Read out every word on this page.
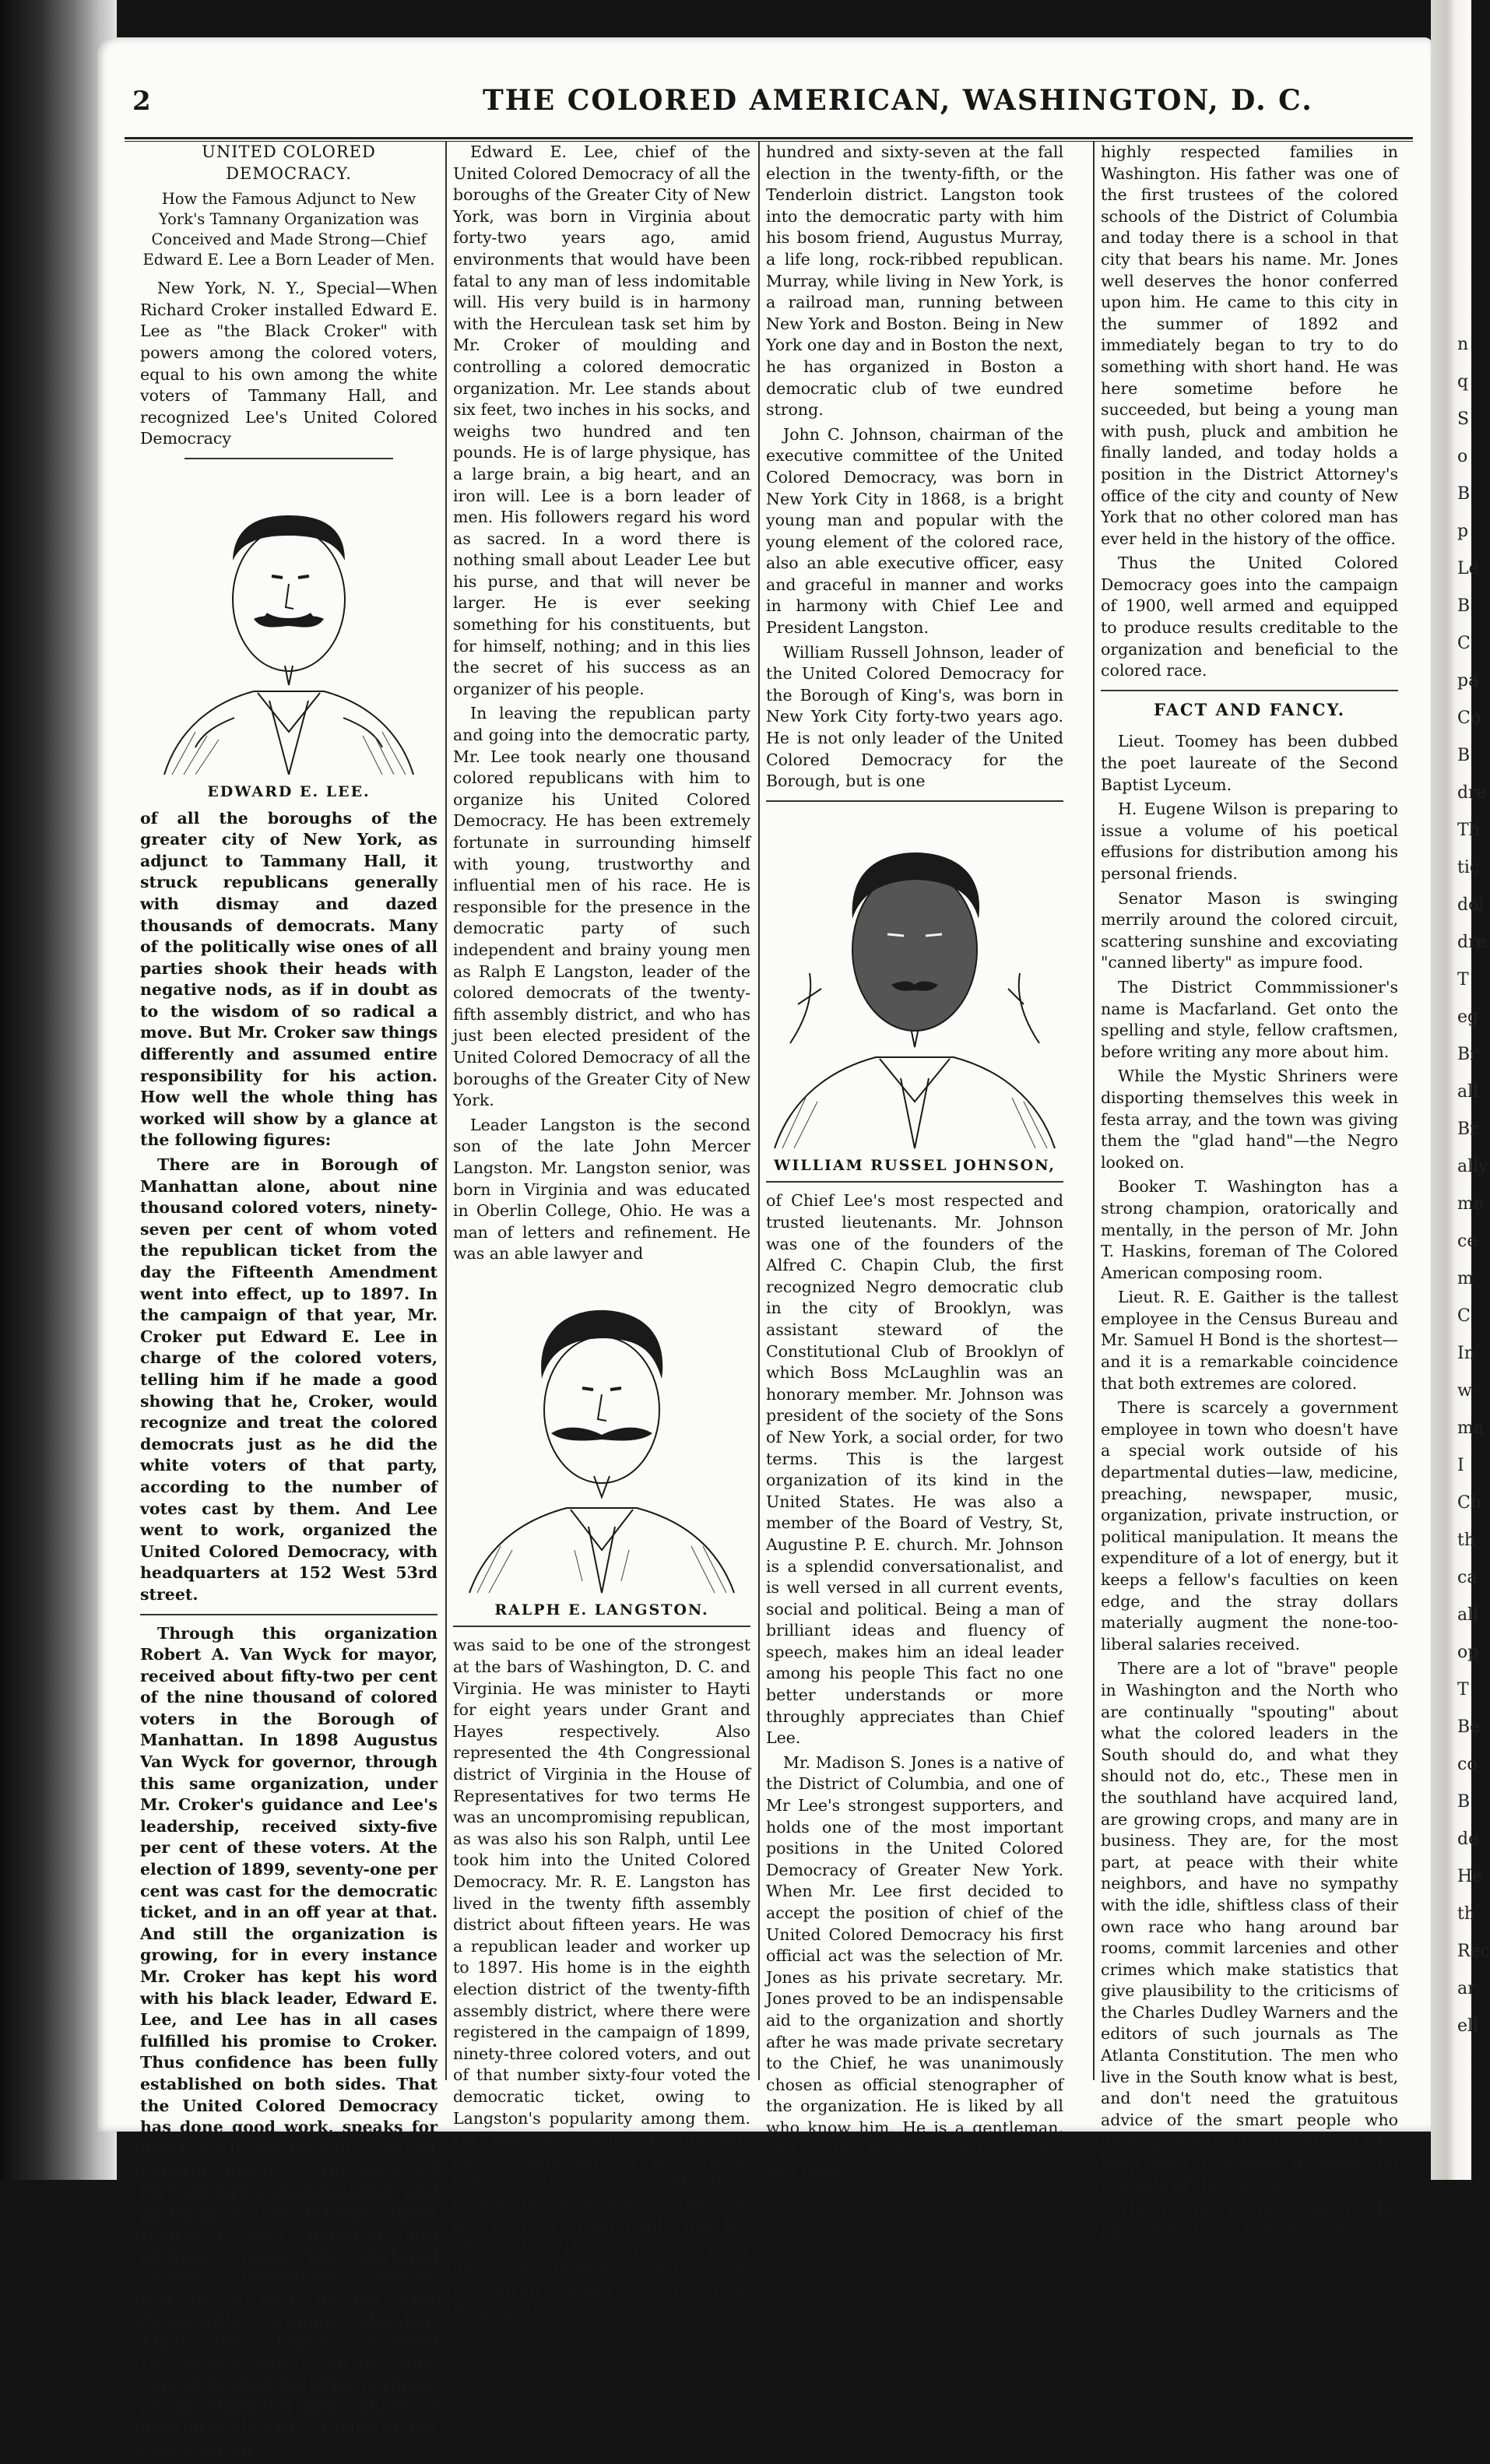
n
q
S
o
B
p
Le
B
C
pa
Co
B
dre
Th
tic
dol
dre
T
eg
Br
all
Br
ally
me
ce
m
C
In
w
ma
I
Ch
th
ca
all
op
T
Be
co
B
de
He
th
Rec
ar
ell
2	THE COLORED AMERICAN, WASHINGTON, D. C.
UNITED COLORED DEMOCRACY.
How the Famous Adjunct to New York's Tamnany Organization was Conceived and Made Strong—Chief Edward E. Lee a Born Leader of Men.

New York, N. Y., Special—When Richard Croker installed Edward E. Lee as "the Black Croker" with powers among the colored voters, equal to his own among the white voters of Tammany Hall, and recognized Lee's United Colored Democracy

EDWARD E. LEE.

of all the boroughs of the greater city of New York, as adjunct to Tammany Hall, it struck republicans generally with dismay and dazed thousands of democrats. Many of the politically wise ones of all parties shook their heads with negative nods, as if in doubt as to the wisdom of so radical a move. But Mr. Croker saw things differently and assumed entire responsibility for his action. How well the whole thing has worked will show by a glance at the following figures:

There are in Borough of Manhattan alone, about nine thousand colored voters, ninety-seven per cent of whom voted the republican ticket from the day the Fifteenth Amendment went into effect, up to 1897. In the campaign of that year, Mr. Croker put Edward E. Lee in charge of the colored voters, telling him if he made a good showing that he, Croker, would recognize and treat the colored democrats just as he did the white voters of that party, according to the number of votes cast by them. And Lee went to work, organized the United Colored Democracy, with headquarters at 152 West 53rd street.

Through this organization Robert A. Van Wyck for mayor, received about fifty-two per cent of the nine thousand of colored voters in the Borough of Manhattan. In 1898 Augustus Van Wyck for governor, through this same organization, under Mr. Croker's guidance and Lee's leadership, received sixty-five per cent of these voters. At the election of 1899, seventy-one per cent was cast for the democratic ticket, and in an off year at that. And still the organization is growing, for in every instance Mr. Croker has kept his word with his black leader, Edward E. Lee, and Lee has in all cases fulfilled his promise to Croker. Thus confidence has been fully established on both sides. That the United Colored Democracy has done good work, speaks for itself; for it controlled at the last general election, in spite of McCullough's manipulation and garbling of the returns, three thousand, one hundred and sixty-two bona fide declared colored democratic voters, eligible to vote at the next democratic primary election. That the United Colored Democracy has come to stay, cannot be doubted after a glance at the character and caliber of men just elected officers of the organization.

Edward E. Lee, chief of the United Colored Democracy of all the boroughs of the Greater City of New York, was born in Virginia about forty-two years ago, amid environments that would have been fatal to any man of less indomitable will. His very build is in harmony with the Herculean task set him by Mr. Croker of moulding and controlling a colored democratic organization. Mr. Lee stands about six feet, two inches in his socks, and weighs two hundred and ten pounds. He is of large physique, has a large brain, a big heart, and an iron will. Lee is a born leader of men. His followers regard his word as sacred. In a word there is nothing small about Leader Lee but his purse, and that will never be larger. He is ever seeking something for his constituents, but for himself, nothing; and in this lies the secret of his success as an organizer of his people.

In leaving the republican party and going into the democratic party, Mr. Lee took nearly one thousand colored republicans with him to organize his United Colored Democracy. He has been extremely fortunate in surrounding himself with young, trustworthy and influential men of his race. He is responsible for the presence in the democratic party of such independent and brainy young men as Ralph E Langston, leader of the colored democrats of the twenty-fifth assembly district, and who has just been elected president of the United Colored Democracy of all the boroughs of the Greater City of New York.

Leader Langston is the second son of the late John Mercer Langston. Mr. Langston senior, was born in Virginia and was educated in Oberlin College, Ohio. He was a man of letters and refinement. He was an able lawyer and

RALPH E. LANGSTON.

was said to be one of the strongest at the bars of Washington, D. C. and Virginia. He was minister to Hayti for eight years under Grant and Hayes respectively. Also represented the 4th Congressional district of Virginia in the House of Representatives for two terms He was an uncompromising republican, as was also his son Ralph, until Lee took him into the United Colored Democracy. Mr. R. E. Langston has lived in the twenty fifth assembly district about fifteen years. He was a republican leader and worker up to 1897. His home is in the eighth election district of the twenty-fifth assembly district, where there were registered in the campaign of 1899, ninety-three colored voters, and out of that number sixty-four voted the democratic ticket, owing to Langston's popularity among them. On Monday March 5th, he was elected president of the United Colored Democracy without a dissenting voice and carried the entire ticket through with him His advent into the democratic party has greatly helped to cut the usual republican majority of three thousand to six

hundred and sixty-seven at the fall election in the twenty-fifth, or the Tenderloin district. Langston took into the democratic party with him his bosom friend, Augustus Murray, a life long, rock-ribbed republican. Murray, while living in New York, is a railroad man, running between New York and Boston. Being in New York one day and in Boston the next, he has organized in Boston a democratic club of twe eundred strong.

John C. Johnson, chairman of the executive committee of the United Colored Democracy, was born in New York City in 1868, is a bright young man and popular with the young element of the colored race, also an able executive officer, easy and graceful in manner and works in harmony with Chief Lee and President Langston.

William Russell Johnson, leader of the United Colored Democracy for the Borough of King's, was born in New York City forty-two years ago. He is not only leader of the United Colored Democracy for the Borough, but is one

WILLIAM RUSSEL JOHNSON,

of Chief Lee's most respected and trusted lieutenants. Mr. Johnson was one of the founders of the Alfred C. Chapin Club, the first recognized Negro democratic club in the city of Brooklyn, was assistant steward of the Constitutional Club of Brooklyn of which Boss McLaughlin was an honorary member. Mr. Johnson was president of the society of the Sons of New York, a social order, for two terms. This is the largest organization of its kind in the United States. He was also a member of the Board of Vestry, St, Augustine P. E. church. Mr. Johnson is a splendid conversationalist, and is well versed in all current events, social and political. Being a man of brilliant ideas and fluency of speech, makes him an ideal leader among his people This fact no one better understands or more throughly appreciates than Chief Lee.

Mr. Madison S. Jones is a native of the District of Columbia, and one of Mr Lee's strongest supporters, and holds one of the most important positions in the United Colored Democracy of Greater New York. When Mr. Lee first decided to accept the position of chief of the United Colored Democracy his first official act was the selection of Mr. Jones as his private secretary. Mr. Jones proved to be an indispensable aid to the organization and shortly after he was made private secretary to the Chief, he was unanimously chosen as official stenographer of the organization. He is liked by all who know him. He is a gentleman, and comes from one of the oldest and most

highly respected families in Washington. His father was one of the first trustees of the colored schools of the District of Columbia and today there is a school in that city that bears his name. Mr. Jones well deserves the honor conferred upon him. He came to this city in the summer of 1892 and immediately began to try to do something with short hand. He was here sometime before he succeeded, but being a young man with push, pluck and ambition he finally landed, and today holds a position in the District Attorney's office of the city and county of New York that no other colored man has ever held in the history of the office.

Thus the United Colored Democracy goes into the campaign of 1900, well armed and equipped to produce results creditable to the organization and beneficial to the colored race.

FACT AND FANCY.

Lieut. Toomey has been dubbed the poet laureate of the Second Baptist Lyceum.

H. Eugene Wilson is preparing to issue a volume of his poetical effusions for distribution among his personal friends.

Senator Mason is swinging merrily around the colored circuit, scattering sunshine and excoviating "canned liberty" as impure food.

The District Commmissioner's name is Macfarland. Get onto the spelling and style, fellow craftsmen, before writing any more about him.

While the Mystic Shriners were disporting themselves this week in festa array, and the town was giving them the "glad hand"—the Negro looked on.

Booker T. Washington has a strong champion, oratorically and mentally, in the person of Mr. John T. Haskins, foreman of The Colored American composing room.

Lieut. R. E. Gaither is the tallest employee in the Census Bureau and Mr. Samuel H Bond is the shortest—and it is a remarkable coincidence that both extremes are colored.

There is scarcely a government employee in town who doesn't have a special work outside of his departmental duties—law, medicine, preaching, newspaper, music, organization, private instruction, or political manipulation. It means the expenditure of a lot of energy, but it keeps a fellow's faculties on keen edge, and the stray dollars materially augment the none-too-liberal salaries received.

There are a lot of "brave" people in Washington and the North who are continually "spouting" about what the colored leaders in the South should do, and what they should not do, etc., These men in the southland have acquired land, are growing crops, and many are in business. They are, for the most part, at peace with their white neighbors, and have no sympathy with the idle, shiftless class of their own race who hang around bar rooms, commit larcenies and other crimes which make statistics that give plausibility to the criticisms of the Charles Dudley Warners and the editors of such journals as The Atlanta Constitution. The men who live in the South know what is best, and don't need the gratuitous advice of the smart people who never give a penny to help, and who keep their carcasses in safety on this side of the Potomac.

The Delmo Koonce cafe is the finest this side of New York City.
